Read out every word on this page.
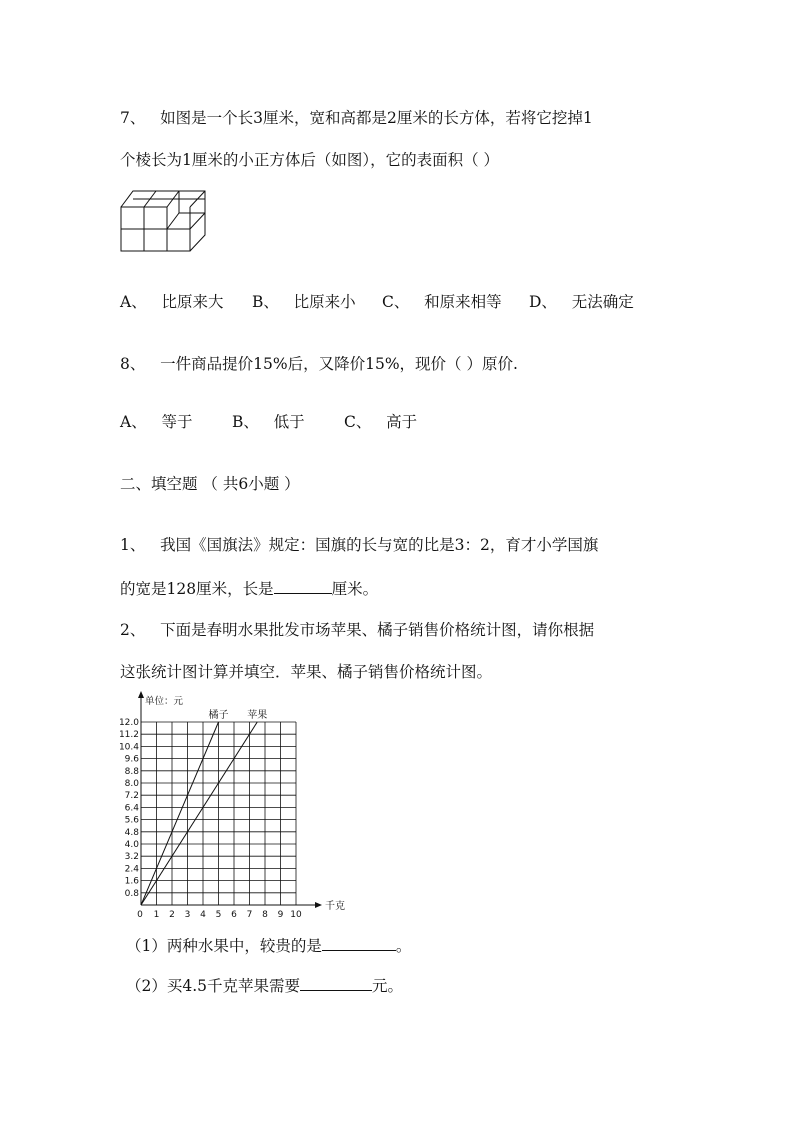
7、 如图是一个长3厘米，宽和高都是2厘米的长方体，若将它挖掉1
个棱长为1厘米的小正方体后（如图），它的表面积（ ）
A、 比原来大 B、 比原来小 C、 和原来相等 D、 无法确定
8、 一件商品提价15%后，又降价15%，现价（ ）原价.
A、 等于	B、 低于	C、 高于
二、填空题 （ 共6小题 ）
1、 我国《国旗法》规定：国旗的长与宽的比是3：2，育才小学国旗
的宽是128厘米，长是	厘米。
2、 下面是春明水果批发市场苹果、橘子销售价格统计图，请你根据
这张统计图计算并填空．苹果、橘子销售价格统计图。
0.8
1.6
2.4
3.2
4.0
4.8
5.6
6.4
7.2
8.0
8.8
9.6
10.4
11.2
12.0
0 1 2 3 4 5 6 7 8 9 10
单位：元
千克
橘子 苹果
（1）两种水果中，较贵的是	。
（2）买4.5千克苹果需要	元。
